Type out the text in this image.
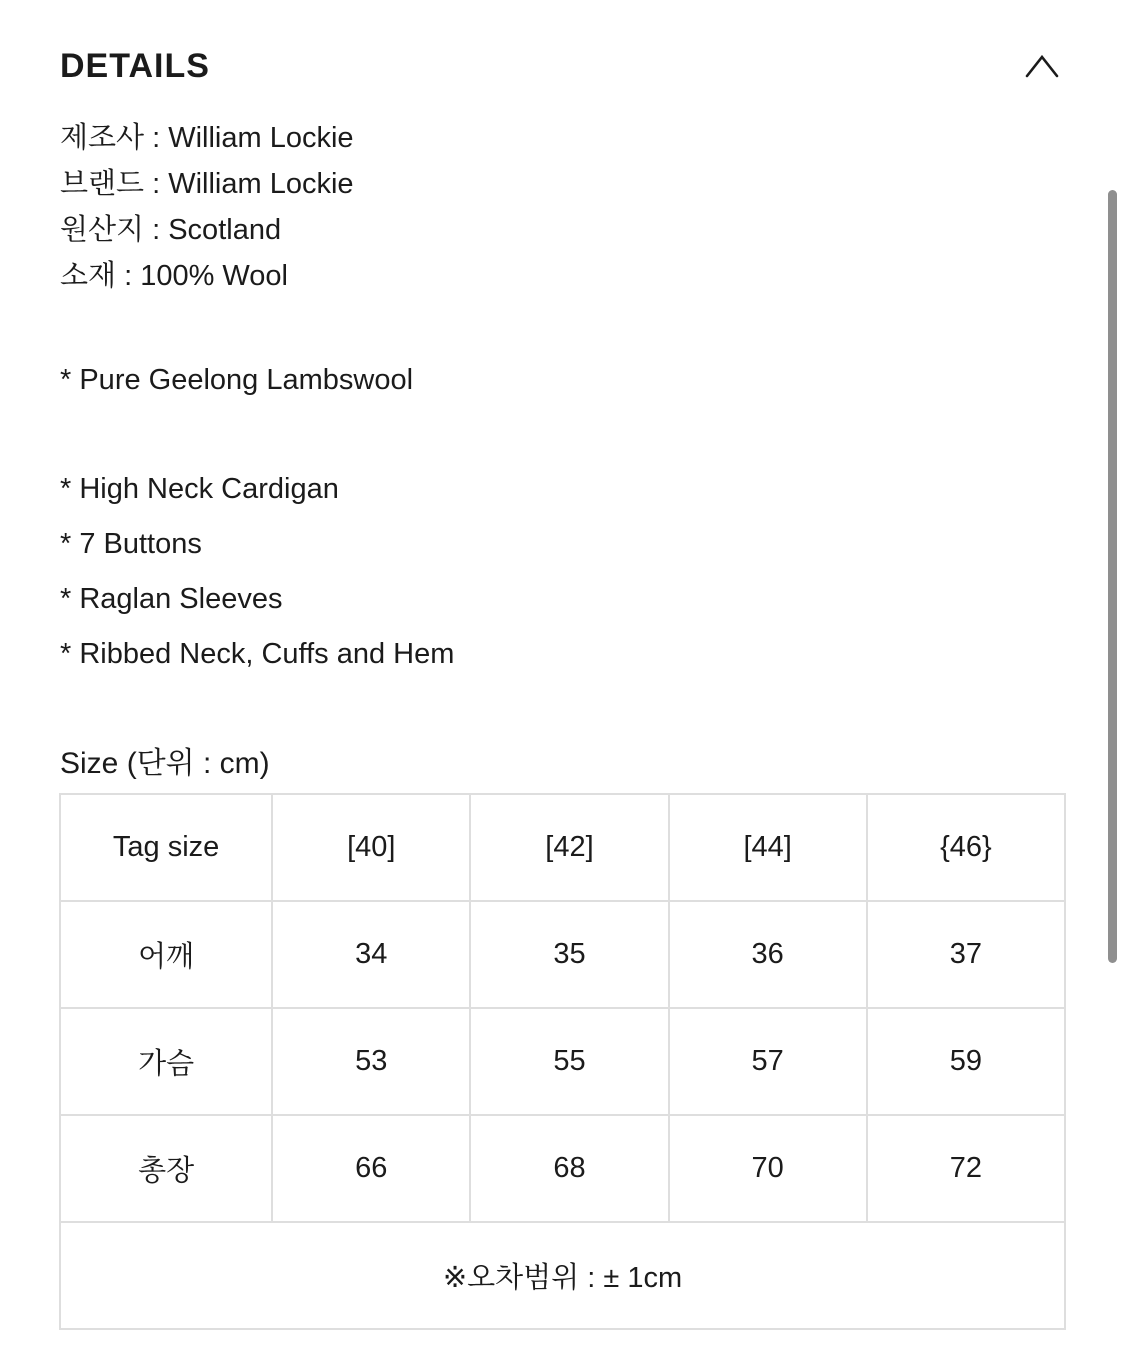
DETAILS
제조사 : William Lockie
브랜드 : William Lockie
원산지 : Scotland
소재 : 100% Wool

* Pure Geelong Lambswool

* High Neck Cardigan

* 7 Buttons

* Raglan Sleeves

* Ribbed Neck, Cuffs and Hem

Size (단위 : cm)
Tag size	[40]	[42]	[44]	{46}
어깨	34	35	36	37
가슴	53	55	57	59
총장	66	68	70	72
※오차범위 : ± 1cm				
